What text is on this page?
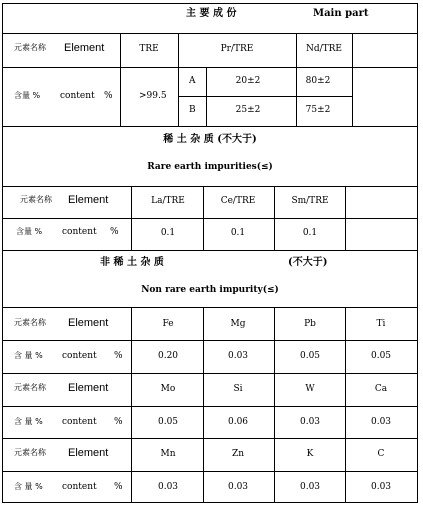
主 要 成 份	Main part
元素名称 Element	TRE	Pr/TRE	Nd/TRE
含量 % content %	>99.5
A	20±2	80±2
B	25±2	75±2
稀 土 杂 质 (不大于)
Rare earth impurities(≤)
元素名称 Element	La/TRE	Ce/TRE	Sm/TRE
含量 % content %	0.1	0.1	0.1
非 稀 土 杂 质	(不大于)
Non rare earth impurity(≤)
元素名称 Element	Fe	Mg	Pb	Ti
含 量 % content %	0.20	0.03	0.05	0.05
元素名称 Element	Mo	Si	W	Ca
含 量 % content %	0.05	0.06	0.03	0.03
元素名称 Element	Mn	Zn	K	C
含 量 % content %	0.03	0.03	0.03	0.03
